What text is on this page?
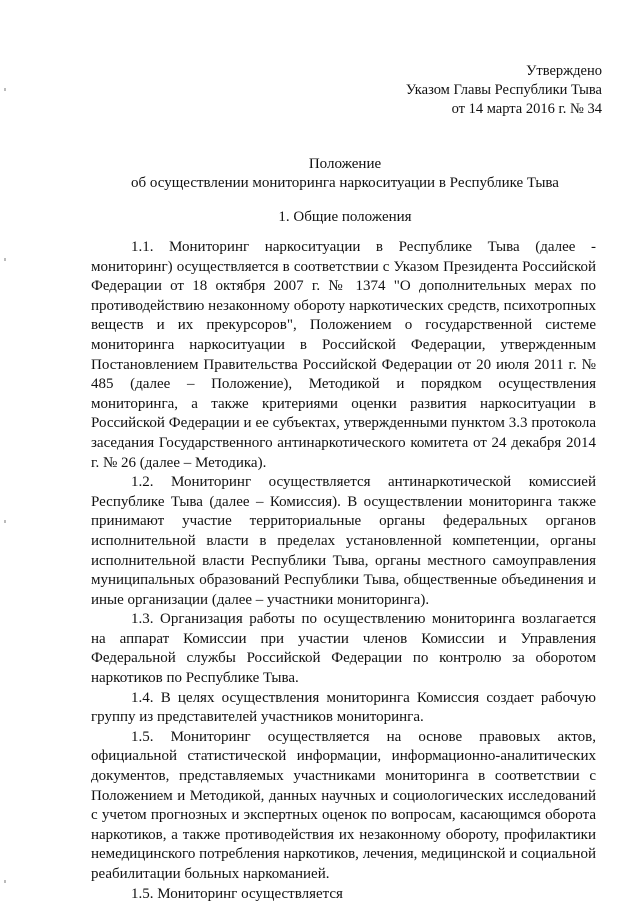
Утверждено
Указом Главы Республики Тыва
от 14 марта 2016 г. № 34
Положение
об осуществлении мониторинга наркоситуации в Республике Тыва
1. Общие положения

1.1. Мониторинг наркоситуации в Республике Тыва (далее - мониторинг) осуществляется в соответствии с Указом Президента Российской Федерации от 18 октября 2007 г. № 1374 "О дополнительных мерах по противодействию незаконному обороту наркотических средств, психотропных веществ и их прекурсоров", Положением о государственной системе мониторинга наркоситуации в Российской Федерации, утвержденным Постановлением Правительства Российской Федерации от 20 июля 2011 г. № 485 (далее – Положение), Методикой и порядком осуществления мониторинга, а также критериями оценки развития наркоситуации в Российской Федерации и ее субъектах, утвержденными пунктом 3.3 протокола заседания Государственного антинаркотического комитета от 24 декабря 2014 г. № 26 (далее – Методика).

1.2. Мониторинг осуществляется антинаркотической комиссией Республике Тыва (далее – Комиссия). В осуществлении мониторинга также принимают участие территориальные органы федеральных органов исполнительной власти в пределах установленной компетенции, органы исполнительной власти Республики Тыва, органы местного самоуправления муниципальных образований Республики Тыва, общественные объединения и иные организации (далее – участники мониторинга).

1.3. Организация работы по осуществлению мониторинга возлагается на аппарат Комиссии при участии членов Комиссии и Управления Федеральной службы Российской Федерации по контролю за оборотом наркотиков по Республике Тыва.

1.4. В целях осуществления мониторинга Комиссия создает рабочую группу из представителей участников мониторинга.

1.5. Мониторинг осуществляется на основе правовых актов, официальной статистической информации, информационно-аналитических документов, представляемых участниками мониторинга в соответствии с Положением и Методикой, данных научных и социологических исследований с учетом прогнозных и экспертных оценок по вопросам, касающимся оборота наркотиков, а также противодействия их незаконному обороту, профилактики немедицинского потребления наркотиков, лечения, медицинской и социальной реабилитации больных наркоманией.

1.5. Мониторинг осуществляется
